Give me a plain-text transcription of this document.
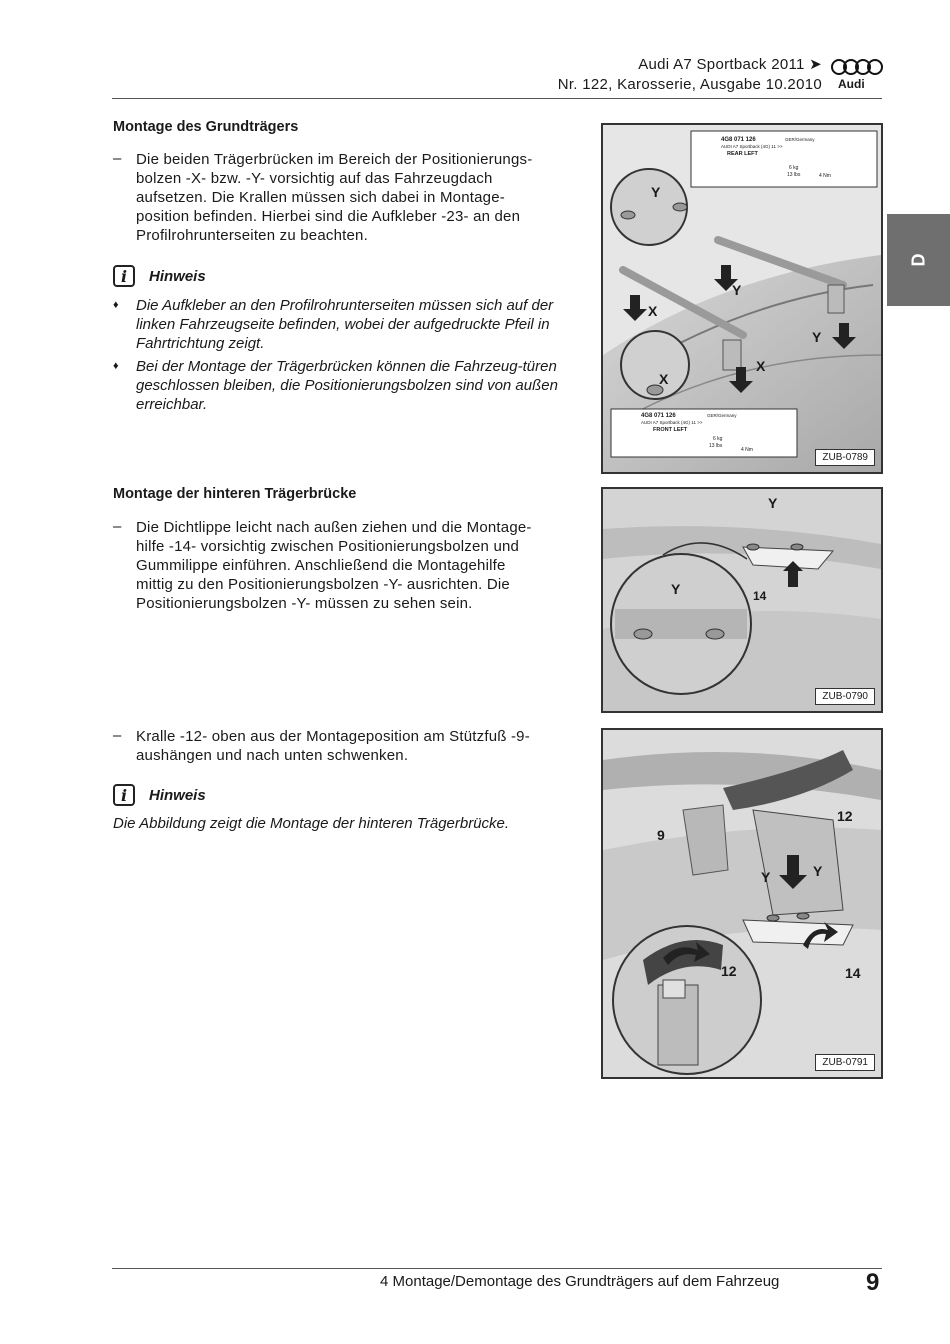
Audi A7 Sportback 2011 ➤
Nr. 122, Karosserie, Ausgabe 10.2010 Audi
D
Montage des Grundträgers
– Die beiden Trägerbrücken im Bereich der Positionierungs-
bolzen -X- bzw. -Y- vorsichtig auf das Fahrzeugdach
aufsetzen. Die Krallen müssen sich dabei in Montage-
position befinden. Hierbei sind die Aufkleber -23- an den
Profilrohrunterseiten zu beachten.
i	Hinweis
♦ Die Aufkleber an den Profilrohrunterseiten müssen sich auf der linken Fahrzeugseite befinden, wobei der aufgedruckte Pfeil in Fahrtrichtung zeigt.
♦ Bei der Montage der Trägerbrücken können die Fahrzeug-türen geschlossen bleiben, die Positionierungsbolzen sind von außen erreichbar.
Y
Y
Y
X
X
X
4G8 071 126
AUDI A7 Sportback (4G) 11 >>
REAR LEFT
GER/Germany
6 kg
13 lbs	4 Nm
4G8 071 126
AUDI A7 Sportback (4G) 11 >>
FRONT LEFT
GER/Germany
6 kg
13 lbs
4 Nm
ZUB-0789
Montage der hinteren Trägerbrücke
– Die Dichtlippe leicht nach außen ziehen und die Montage-
hilfe -14- vorsichtig zwischen Positionierungsbolzen und
Gummilippe einführen. Anschließend die Montagehilfe
mittig zu den Positionierungsbolzen -Y- ausrichten. Die
Positionierungsbolzen -Y- müssen zu sehen sein.
Y
Y	14
ZUB-0790
– Kralle -12- oben aus der Montageposition am Stützfuß -9-
aushängen und nach unten schwenken.
i	Hinweis
Die Abbildung zeigt die Montage der hinteren Trägerbrücke.
9
12
Y	Y
12	14
ZUB-0791
4 Montage/Demontage des Grundträgers auf dem Fahrzeug	9
